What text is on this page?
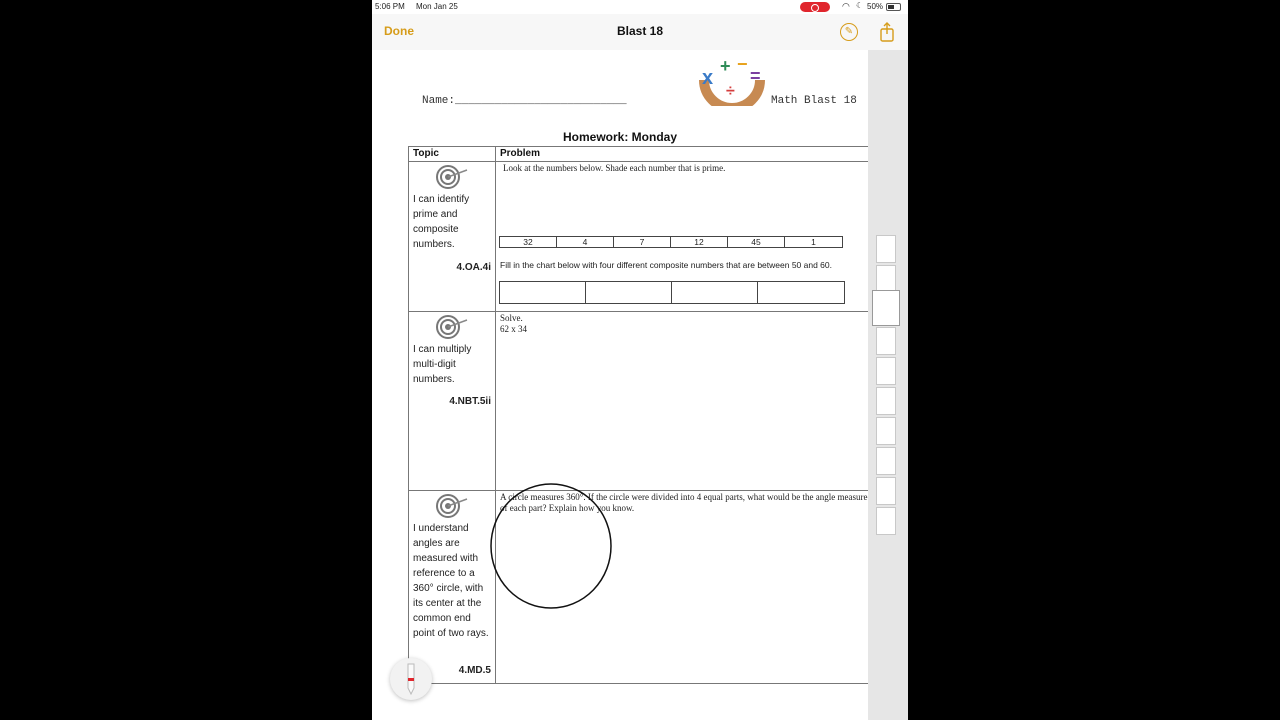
5:06 PM Mon Jan 25	◠ ☾ 50%
Done	Blast 18	✎
x
+ −
=
÷
Name:__________________________	Math Blast 18
Homework: Monday
Topic	Problem
I can identify prime and composite numbers.
4.OA.4i
Look at the numbers below. Shade each number that is prime.
32	4	7	12	45	1
Fill in the chart below with four different composite numbers that are between 50 and 60.
I can multiply multi-digit numbers.
4.NBT.5ii
Solve.
62 x 34
I understand angles are measured with reference to a 360° circle, with its center at the common end point of two rays.
4.MD.5
A circle measures 360°. If the circle were divided into 4 equal parts, what would be the angle measure of each part? Explain how you know.
